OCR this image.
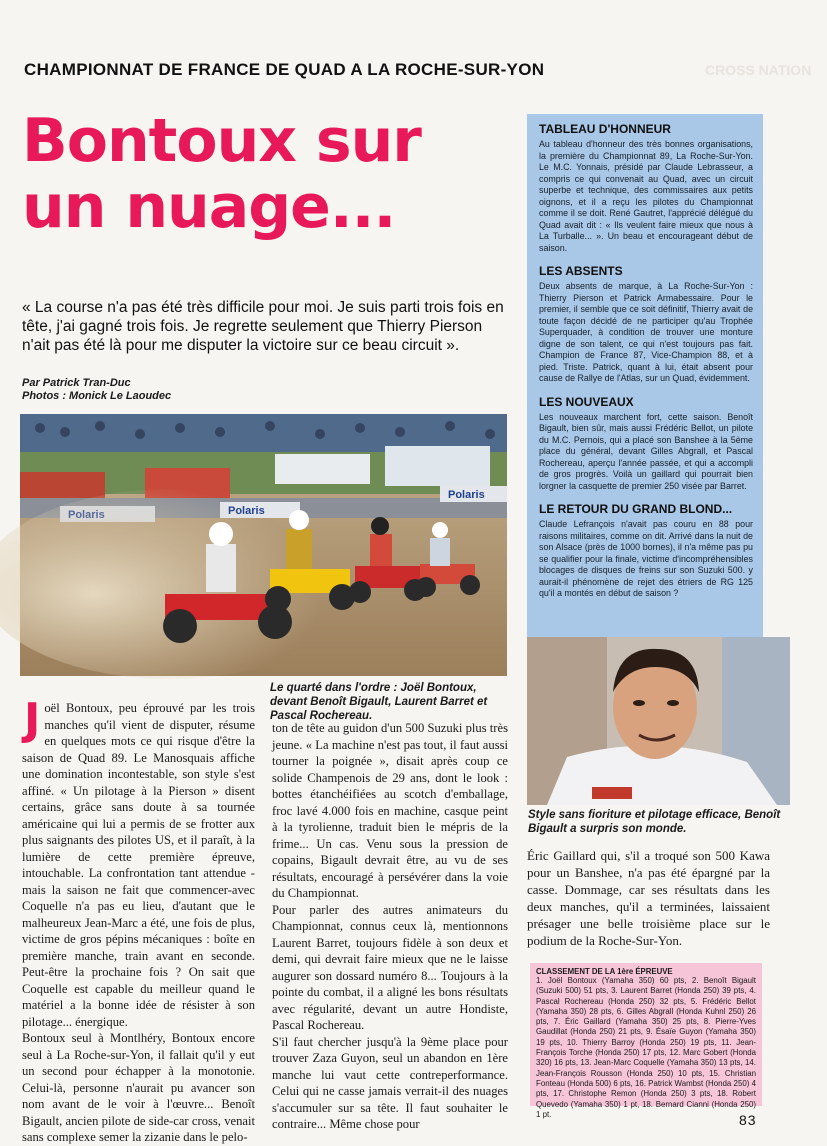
CROSS NATION
CHAMPIONNAT DE FRANCE DE QUAD A LA ROCHE-SUR-YON
Bontoux sur un nuage...
« La course n'a pas été très difficile pour moi. Je suis parti trois fois en tête, j'ai gagné trois fois. Je regrette seulement que Thierry Pierson n'ait pas été là pour me disputer la victoire sur ce beau circuit ».
Par Patrick Tran-Duc
Photos : Monick Le Laoudec
Polaris
Le quarté dans l'ordre : Joël Bontoux, devant Benoît Bigault, Laurent Barret et Pascal Rochereau.
J oël Bontoux, peu éprouvé par les trois manches qu'il vient de disputer, résume en quelques mots ce qui risque d'être la saison de Quad 89. Le Manosquais affiche une domination incontestable, son style s'est affiné. « Un pilotage à la Pierson » disent certains, grâce sans doute à sa tournée américaine qui lui a permis de se frotter aux plus saignants des pilotes US, et il paraît, à la lumière de cette première épreuve, intouchable. La confrontation tant attendue -mais la saison ne fait que commencer-avec Coquelle n'a pas eu lieu, d'autant que le malheureux Jean-Marc a été, une fois de plus, victime de gros pépins mécaniques : boîte en première manche, train avant en seconde. Peut-être la prochaine fois ? On sait que Coquelle est capable du meilleur quand le matériel a la bonne idée de résister à son pilotage... énergique.

Bontoux seul à Montlhéry, Bontoux encore seul à La Roche-sur-Yon, il fallait qu'il y eut un second pour échapper à la monotonie. Celui-là, personne n'aurait pu avancer son nom avant de le voir à l'œuvre... Benoît Bigault, ancien pilote de side-car cross, venait sans complexe semer la zizanie dans le pelo-

ton de tête au guidon d'un 500 Suzuki plus très jeune. « La machine n'est pas tout, il faut aussi tourner la poignée », disait après coup ce solide Champenois de 29 ans, dont le look : bottes étanchéifiées au scotch d'emballage, froc lavé 4.000 fois en machine, casque peint à la tyrolienne, traduit bien le mépris de la frime... Un cas. Venu sous la pression de copains, Bigault devrait être, au vu de ses résultats, encouragé à persévérer dans la voie du Championnat.

Pour parler des autres animateurs du Championnat, connus ceux là, mentionnons Laurent Barret, toujours fidèle à son deux et demi, qui devrait faire mieux que ne le laisse augurer son dossard numéro 8... Toujours à la pointe du combat, il a aligné les bons résultats avec régularité, devant un autre Hondiste, Pascal Rochereau.

S'il faut chercher jusqu'à la 9ème place pour trouver Zaza Guyon, seul un abandon en 1ère manche lui vaut cette contreperformance. Celui qui ne casse jamais verrait-il des nuages s'accumuler sur sa tête. Il faut souhaiter le contraire... Même chose pour

TABLEAU D'HONNEUR

Au tableau d'honneur des très bonnes organisations, la première du Championnat 89, La Roche-Sur-Yon. Le M.C. Yonnais, présidé par Claude Lebrasseur, a compris ce qui convenait au Quad, avec un circuit superbe et technique, des commissaires aux petits oignons, et il a reçu les pilotes du Championnat comme il se doit. René Gautret, l'apprécié délégué du Quad avait dit : « Ils veulent faire mieux que nous à La Turballe... ». Un beau et encourageant début de saison.

LES ABSENTS

Deux absents de marque, à La Roche-Sur-Yon : Thierry Pierson et Patrick Armabessaire. Pour le premier, il semble que ce soit définitif, Thierry avait de toute façon décidé de ne participer qu'au Trophée Superquader, à condition de trouver une monture digne de son talent, ce qui n'est toujours pas fait. Champion de France 87, Vice-Champion 88, et à pied. Triste. Patrick, quant à lui, était absent pour cause de Rallye de l'Atlas, sur un Quad, évidemment.

LES NOUVEAUX

Les nouveaux marchent fort, cette saison. Benoît Bigault, bien sûr, mais aussi Frédéric Bellot, un pilote du M.C. Pernois, qui a placé son Banshee à la 5ème place du général, devant Gilles Abgrall, et Pascal Rochereau, aperçu l'année passée, et qui a accompli de gros progrès. Voilà un gaillard qui pourrait bien lorgner la casquette de premier 250 visée par Barret.

LE RETOUR DU GRAND BLOND...

Claude Lefrançois n'avait pas couru en 88 pour raisons militaires, comme on dit. Arrivé dans la nuit de son Alsace (près de 1000 bornes), il n'a même pas pu se qualifier pour la finale, victime d'incompréhensibles blocages de disques de freins sur son Suzuki 500. y aurait-il phénomène de rejet des étriers de RG 125 qu'il a montés en début de saison ?

Style sans fioriture et pilotage efficace, Benoît Bigault a surpris son monde.
Éric Gaillard qui, s'il a troqué son 500 Kawa pour un Banshee, n'a pas été épargné par la casse. Dommage, car ses résultats dans les deux manches, qu'il a terminées, laissaient présager une belle troisième place sur le podium de la Roche-Sur-Yon.
CLASSEMENT DE LA 1ère ÉPREUVE

1. Joël Bontoux (Yamaha 350) 60 pts, 2. Benoît Bigault (Suzuki 500) 51 pts, 3. Laurent Barret (Honda 250) 39 pts, 4. Pascal Rochereau (Honda 250) 32 pts, 5. Frédéric Bellot (Yamaha 350) 28 pts, 6. Gilles Abgrall (Honda Kuhnl 250) 26 pts, 7. Éric Gaillard (Yamaha 350) 25 pts, 8. Pierre-Yves Gaudillat (Honda 250) 21 pts, 9. Ésaïe Guyon (Yamaha 350) 19 pts, 10. Thierry Barroy (Honda 250) 19 pts, 11. Jean-François Torche (Honda 250) 17 pts, 12. Marc Gobert (Honda 320) 16 pts, 13. Jean-Marc Coquelle (Yamaha 350) 13 pts, 14. Jean-François Rousson (Honda 250) 10 pts, 15. Christian Fonteau (Honda 500) 6 pts, 16. Patrick Wambst (Honda 250) 4 pts, 17. Christophe Remon (Honda 250) 3 pts, 18. Robert Quevedo (Yamaha 350) 1 pt, 18. Bernard Cianni (Honda 250) 1 pt.	83
